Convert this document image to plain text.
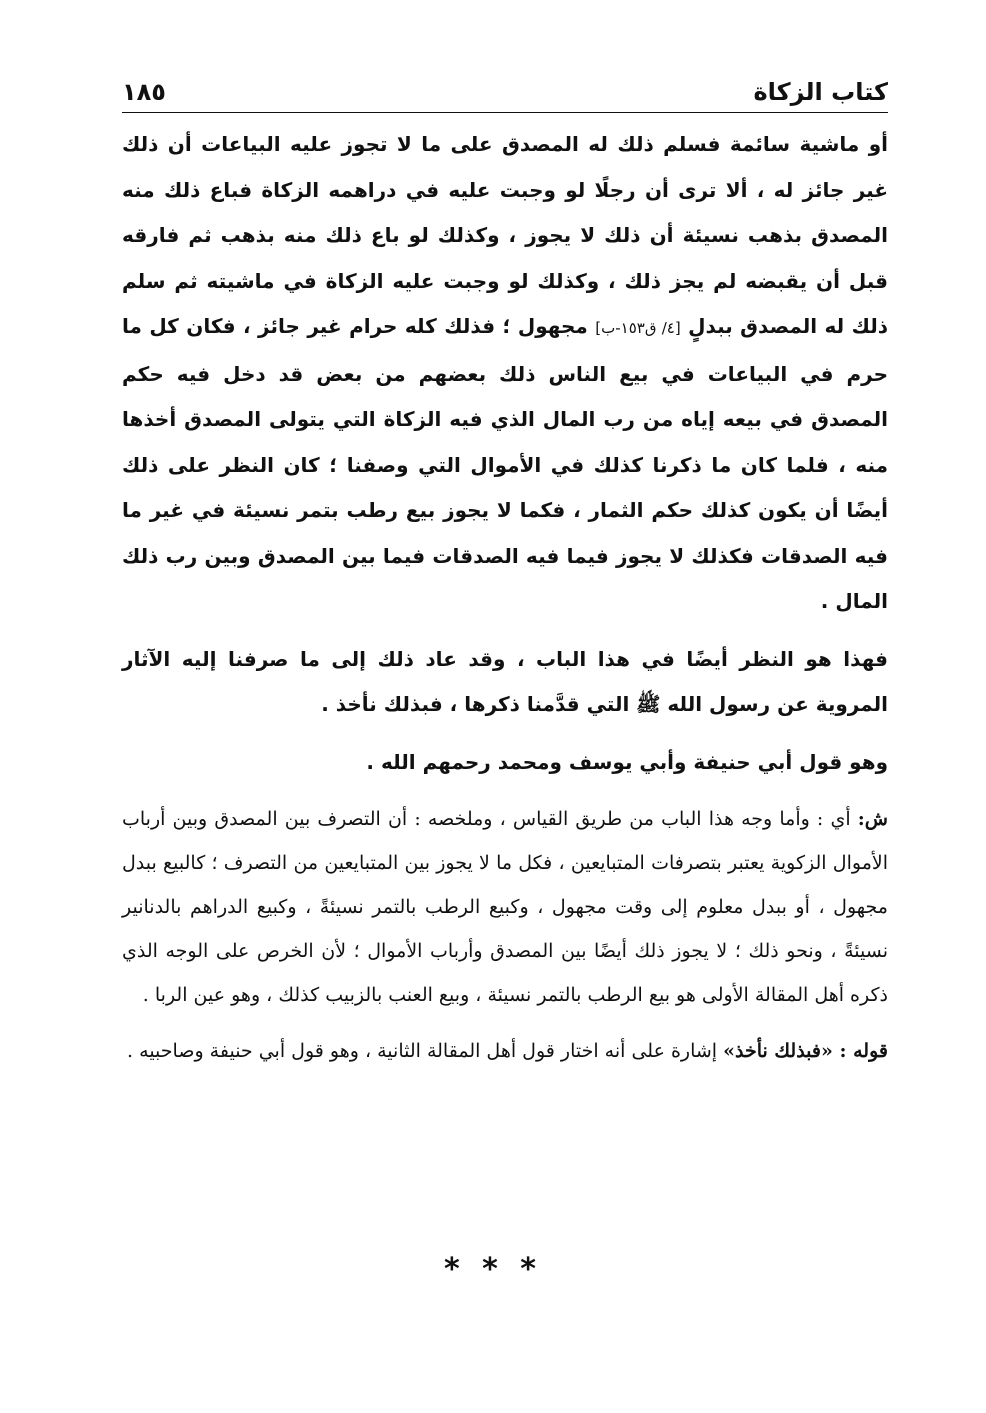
كتاب الزكاة
١٨٥

أو ماشية سائمة فسلم ذلك له المصدق على ما لا تجوز عليه البياعات أن ذلك غير جائز له ، ألا ترى أن رجلًا لو وجبت عليه في دراهمه الزكاة فباع ذلك منه المصدق بذهب نسيئة أن ذلك لا يجوز ، وكذلك لو باع ذلك منه بذهب ثم فارقه قبل أن يقبضه لم يجز ذلك ، وكذلك لو وجبت عليه الزكاة في ماشيته ثم سلم ذلك له المصدق ببدلٍ [٤/ ق١٥٣-ب] مجهول ؛ فذلك كله حرام غير جائز ، فكان كل ما حرم في البياعات في بيع الناس ذلك بعضهم من بعض قد دخل فيه حكم المصدق في بيعه إياه من رب المال الذي فيه الزكاة التي يتولى المصدق أخذها منه ، فلما كان ما ذكرنا كذلك في الأموال التي وصفنا ؛ كان النظر على ذلك أيضًا أن يكون كذلك حكم الثمار ، فكما لا يجوز بيع رطب بتمر نسيئة في غير ما فيه الصدقات فكذلك لا يجوز فيما فيه الصدقات فيما بين المصدق وبين رب ذلك المال .

فهذا هو النظر أيضًا في هذا الباب ، وقد عاد ذلك إلى ما صرفنا إليه الآثار المروية عن رسول الله ﷺ التي قدَّمنا ذكرها ، فبذلك نأخذ .

وهو قول أبي حنيفة وأبي يوسف ومحمد رحمهم الله .

ش: أي : وأما وجه هذا الباب من طريق القياس ، وملخصه : أن التصرف بين المصدق وبين أرباب الأموال الزكوية يعتبر بتصرفات المتبايعين ، فكل ما لا يجوز بين المتبايعين من التصرف ؛ كالبيع ببدل مجهول ، أو ببدل معلوم إلى وقت مجهول ، وكبيع الرطب بالتمر نسيئةً ، وكبيع الدراهم بالدنانير نسيئةً ، ونحو ذلك ؛ لا يجوز ذلك أيضًا بين المصدق وأرباب الأموال ؛ لأن الخرص على الوجه الذي ذكره أهل المقالة الأولى هو بيع الرطب بالتمر نسيئة ، وبيع العنب بالزبيب كذلك ، وهو عين الربا .

قوله : «فبذلك نأخذ» إشارة على أنه اختار قول أهل المقالة الثانية ، وهو قول أبي حنيفة وصاحبيه .

* * *
